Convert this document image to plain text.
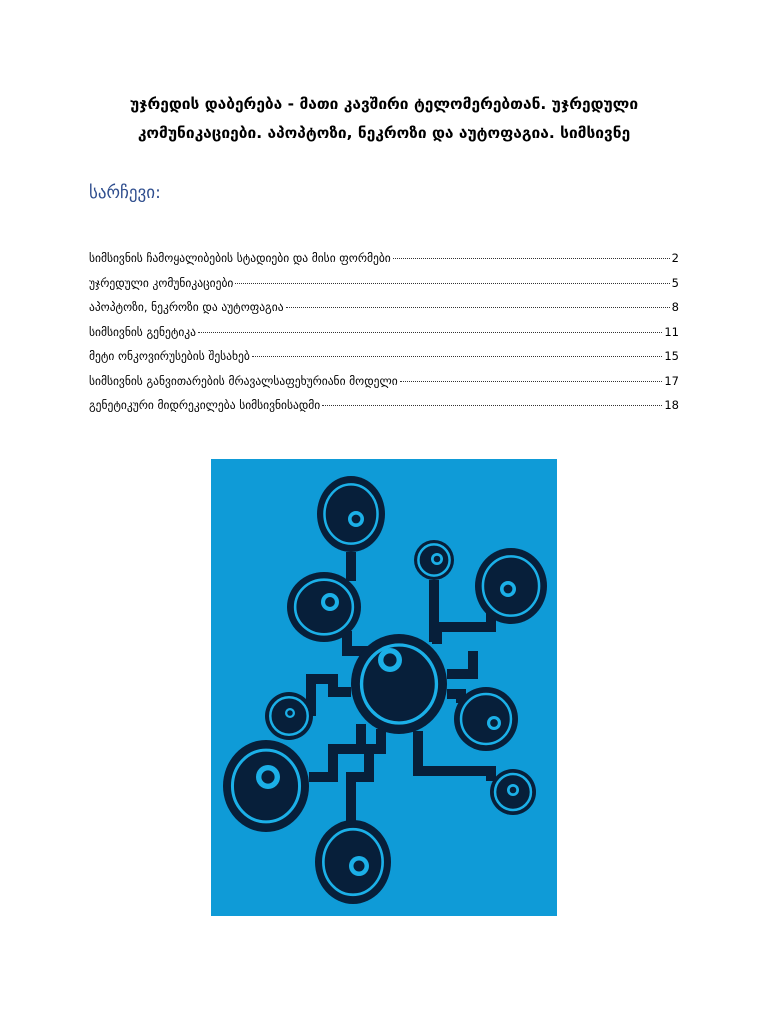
უჯრედის დაბერება - მათი კავშირი ტელომერებთან. უჯრედული კომუნიკაციები. აპოპტოზი, ნეკროზი და აუტოფაგია. სიმსივნე
სარჩევი:
სიმსივნის ჩამოყალიბების სტადიები და მისი ფორმები	2
უჯრედული კომუნიკაციები	5
აპოპტოზი, ნეკროზი და აუტოფაგია	8
სიმსივნის გენეტიკა	11
მეტი ონკოვირუსების შესახებ	15
სიმსივნის განვითარების მრავალსაფეხურიანი მოდელი	17
გენეტიკური მიდრეკილება სიმსივნისადმი	18
